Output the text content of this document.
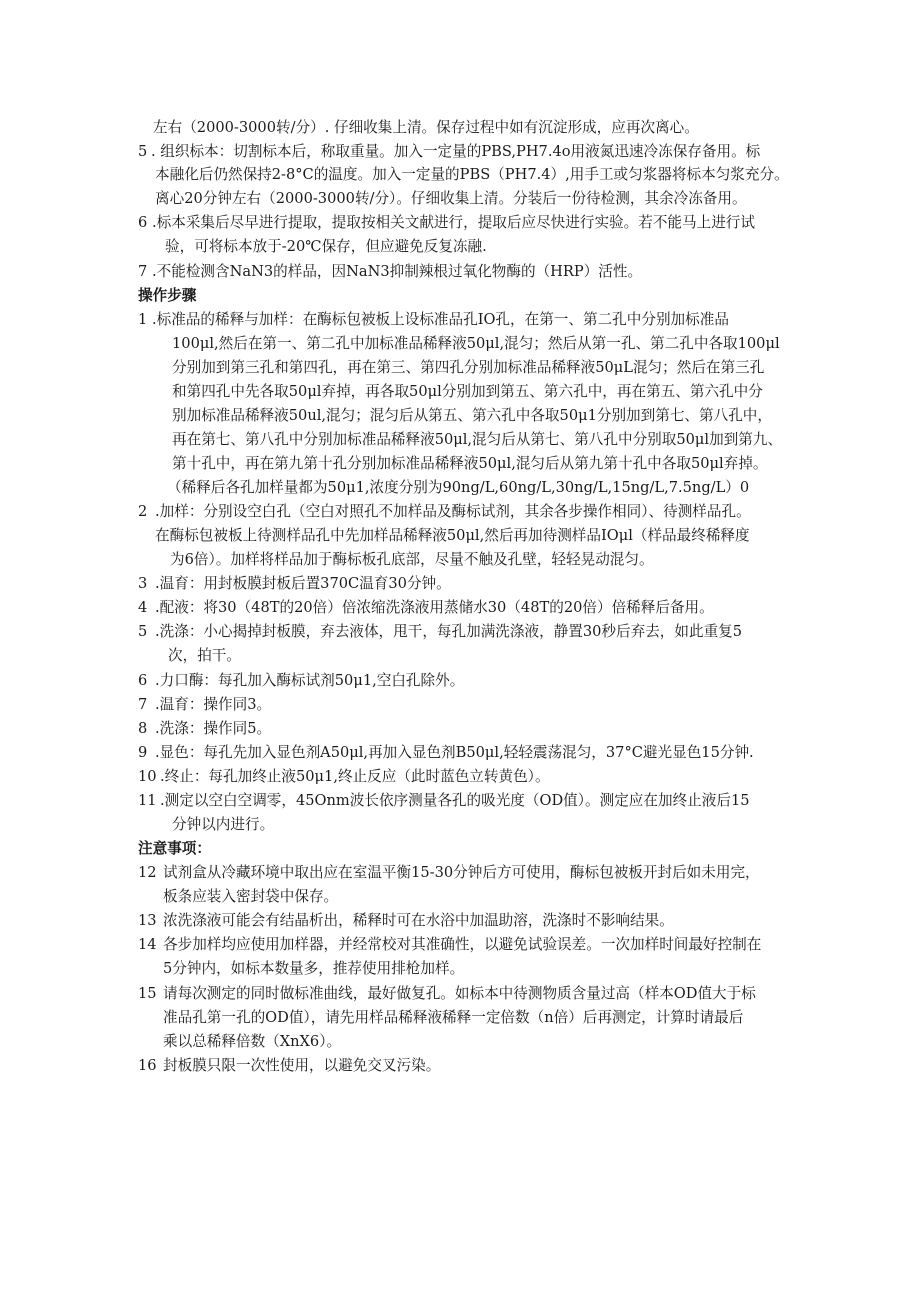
左右（2000-3000转/分）. 仔细收集上清。保存过程中如有沉淀形成，应再次离心。
5 . 组织标本：切割标本后，称取重量。加入一定量的PBS,PH7.4o用液氮迅速冷冻保存备用。标
本融化后仍然保持2-8°C的温度。加入一定量的PBS（PH7.4）,用手工或匀浆器将标本匀浆充分。
离心20分钟左右（2000-3000转/分）。仔细收集上清。分装后一份待检测，其余冷冻备用。
6 .标本采集后尽早进行提取，提取按相关文献进行，提取后应尽快进行实验。若不能马上进行试
验，可将标本放于-20℃保存，但应避免反复冻融.
7 .不能检测含NaN3的样品，因NaN3抑制辣根过氧化物酶的（HRP）活性。
操作步骤
1 .标准品的稀释与加样：在酶标包被板上设标准品孔IO孔，在第一、第二孔中分别加标准品
100μl,然后在第一、第二孔中加标准品稀释液50μl,混匀；然后从第一孔、第二孔中各取100μl
分别加到第三孔和第四孔，再在第三、第四孔分别加标准品稀释液50μL混匀；然后在第三孔
和第四孔中先各取50μl弃掉，再各取50μl分别加到第五、第六孔中，再在第五、第六孔中分
别加标准品稀释液50ul,混匀；混匀后从第五、第六孔中各取50μ1分别加到第七、第八孔中，
再在第七、第八孔中分别加标准品稀释液50μl,混匀后从第七、第八孔中分别取50μl加到第九、
第十孔中，再在第九第十孔分别加标准品稀释液50μl,混匀后从第九第十孔中各取50μl弃掉。
（稀释后各孔加样量都为50μ1,浓度分别为90ng/L,60ng/L,30ng/L,15ng/L,7.5ng/L）0
2 .加样：分别设空白孔（空白对照孔不加样品及酶标试剂，其余各步操作相同）、待测样品孔。
在酶标包被板上待测样品孔中先加样品稀释液50μl,然后再加待测样品IOμl（样品最终稀释度
为6倍）。加样将样品加于酶标板孔底部，尽量不触及孔壁，轻轻晃动混匀。
3 .温育：用封板膜封板后置370C温育30分钟。
4 .配液：将30（48T的20倍）倍浓缩洗涤液用蒸储水30（48T的20倍）倍稀释后备用。
5 .洗涤：小心揭掉封板膜，弃去液体，甩干，每孔加满洗涤液，静置30秒后弃去，如此重复5
次，拍干。
6 .力口酶：每孔加入酶标试剂50μ1,空白孔除外。
7 .温育：操作同3。
8 .洗涤：操作同5。
9 .显色：每孔先加入显色剂A50μl,再加入显色剂B50μl,轻轻震荡混匀，37°C避光显色15分钟.
10 .终止：每孔加终止液50μ1,终止反应（此时蓝色立转黄色）。
11 .测定以空白空调零，45Onm波长依序测量各孔的吸光度（OD值）。测定应在加终止液后15
分钟以内进行。
注意事项：
12 试剂盒从冷藏环境中取出应在室温平衡15-30分钟后方可使用，酶标包被板开封后如未用完，
板条应装入密封袋中保存。
13 浓洗涤液可能会有结晶析出，稀释时可在水浴中加温助溶，洗涤时不影响结果。
14 各步加样均应使用加样器，并经常校对其准确性，以避免试验误差。一次加样时间最好控制在
5分钟内，如标本数量多，推荐使用排枪加样。
15 请每次测定的同时做标准曲线，最好做复孔。如标本中待测物质含量过高（样本OD值大于标
准品孔第一孔的OD值），请先用样品稀释液稀释一定倍数（n倍）后再测定，计算时请最后
乘以总稀释倍数（XnX6）。
16 封板膜只限一次性使用，以避免交叉污染。
